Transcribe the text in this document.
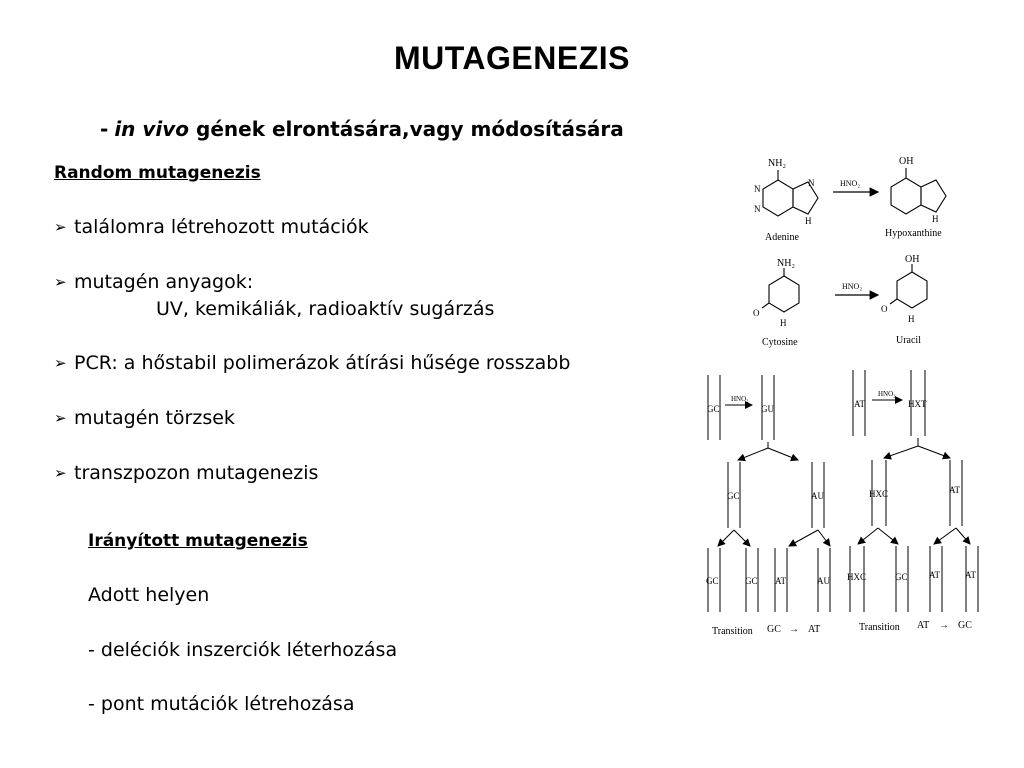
MUTAGENEZIS
- in vivo gének elrontására,vagy módosítására
Random mutagenezis
➢ találomra létrehozott mutációk
➢ mutagén anyagok:
UV, kemikáliák, radioaktív sugárzás
➢ PCR: a hőstabil polimerázok átírási hűsége rosszabb
➢ mutagén törzsek
➢ transzpozon mutagenezis
Irányított mutagenezis
Adott helyen
- deléciók inszerciók léterhozása
- pont mutációk létrehozása
NH₂
N
N
N
H
Adenine
HNO₂
OH
H
Hypoxanthine
NH₂
O
H
Cytosine
HNO₂
OH
O
H
Uracil
GC
HNO₂
GU
GC	AU
GC	GC AT	AU
Transition GC → AT
AT
HNO₂
HXT
HXC	AT
HXC	GC AT	AT
Transition AT → GC
